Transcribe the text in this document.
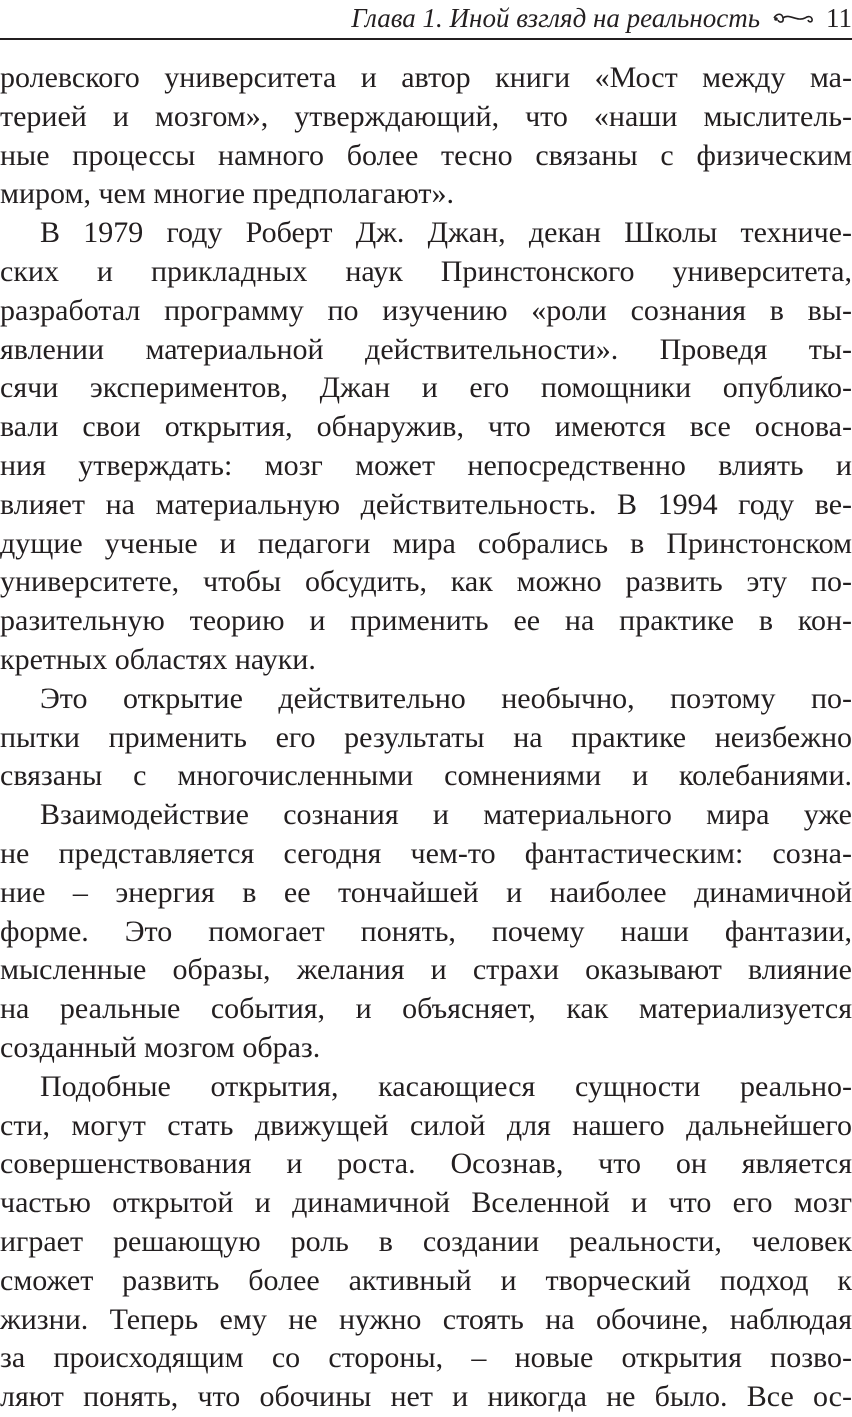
Глава 1. Иной взгляд на реальность 11
ролевского университета и автор книги «Мост между ма-
терией и мозгом», утверждающий, что «наши мыслитель-
ные процессы намного более тесно связаны с физическим
миром, чем многие предполагают».
В 1979 году Роберт Дж. Джан, декан Школы техниче-
ских и прикладных наук Принстонского университета,
разработал программу по изучению «роли сознания в вы-
явлении материальной действительности». Проведя ты-
сячи экспериментов, Джан и его помощники опублико-
вали свои открытия, обнаружив, что имеются все основа-
ния утверждать: мозг может непосредственно влиять и
влияет на материальную действительность. В 1994 году ве-
дущие ученые и педагоги мира собрались в Принстонском
университете, чтобы обсудить, как можно развить эту по-
разительную теорию и применить ее на практике в кон-
кретных областях науки.
Это открытие действительно необычно, поэтому по-
пытки применить его результаты на практике неизбежно
связаны с многочисленными сомнениями и колебаниями.
Взаимодействие сознания и материального мира уже
не представляется сегодня чем-то фантастическим: созна-
ние – энергия в ее тончайшей и наиболее динамичной
форме. Это помогает понять, почему наши фантазии,
мысленные образы, желания и страхи оказывают влияние
на реальные события, и объясняет, как материализуется
созданный мозгом образ.
Подобные открытия, касающиеся сущности реально-
сти, могут стать движущей силой для нашего дальнейшего
совершенствования и роста. Осознав, что он является
частью открытой и динамичной Вселенной и что его мозг
играет решающую роль в создании реальности, человек
сможет развить более активный и творческий подход к
жизни. Теперь ему не нужно стоять на обочине, наблюдая
за происходящим со стороны, – новые открытия позво-
ляют понять, что обочины нет и никогда не было. Все ос-
